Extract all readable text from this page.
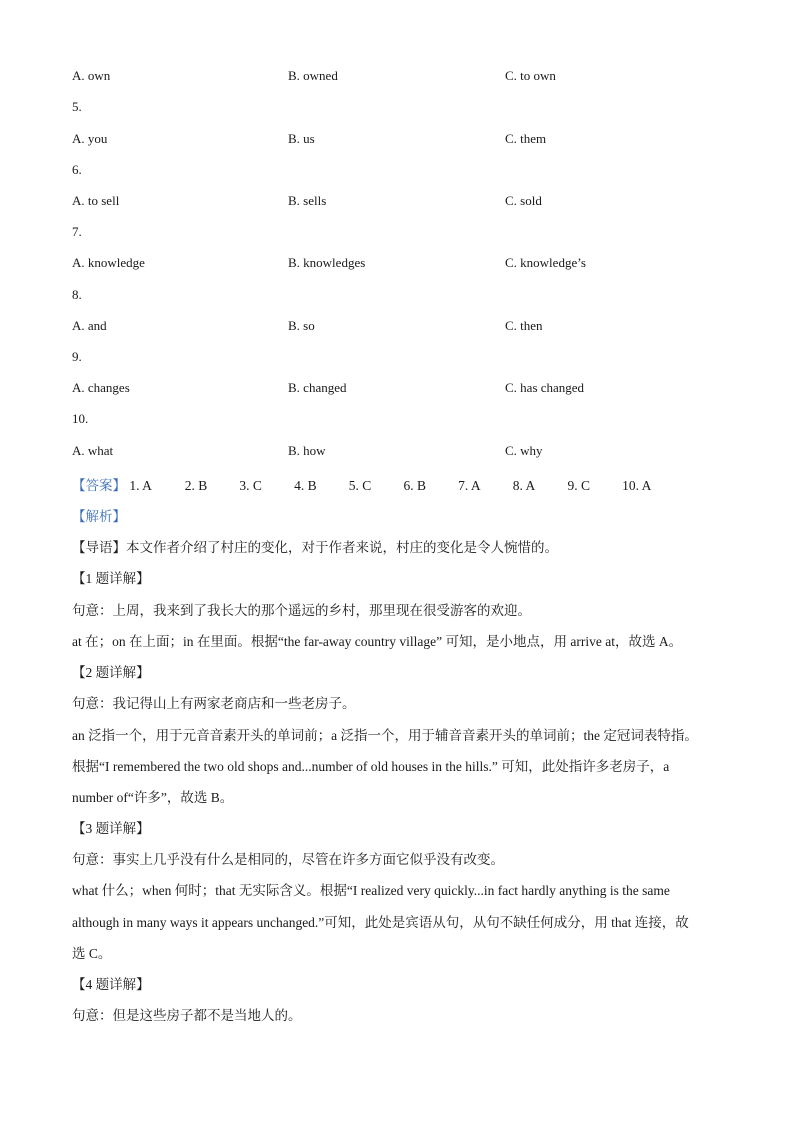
A. own	B. owned	C. to own
5.
A. you	B. us	C. them
6.
A. to sell	B. sells	C. sold
7.
A. knowledge	B. knowledges	C. knowledge’s
8.
A. and	B. so	C. then
9.
A. changes	B. changed	C. has changed
10.
A. what	B. how	C. why
【答案】 1. A 2. B 3. C 4. B 5. C 6. B 7. A 8. A 9. C 10. A
【解析】
【导语】本文作者介绍了村庄的变化，对于作者来说，村庄的变化是令人惋惜的。
【1 题详解】
句意：上周，我来到了我长大的那个遥远的乡村，那里现在很受游客的欢迎。
at 在；on 在上面；in 在里面。根据“the far-away country village” 可知，是小地点，用 arrive at，故选 A。
【2 题详解】
句意：我记得山上有两家老商店和一些老房子。
an 泛指一个，用于元音音素开头的单词前；a 泛指一个，用于辅音音素开头的单词前；the 定冠词表特指。
根据“I remembered the two old shops and...number of old houses in the hills.” 可知，此处指许多老房子，a
number of“许多”，故选 B。
【3 题详解】
句意：事实上几乎没有什么是相同的，尽管在许多方面它似乎没有改变。
what 什么；when 何时；that 无实际含义。根据“I realized very quickly...in fact hardly anything is the same
although in many ways it appears unchanged.”可知，此处是宾语从句，从句不缺任何成分，用 that 连接，故
选 C。
【4 题详解】
句意：但是这些房子都不是当地人的。
